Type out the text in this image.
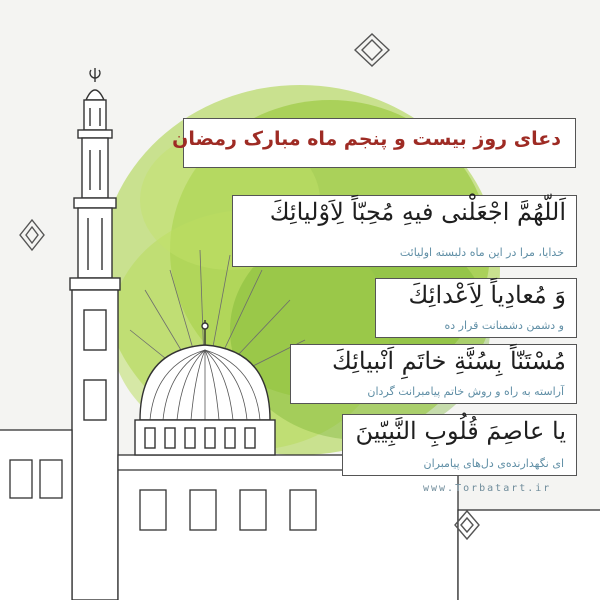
دعای روز بیست و پنجم ماه مبارک رمضان
اَللّهُمَّ اجْعَلْنی فیهِ مُحِبّاً لِاَوْلیائِكَ
خدایا، مرا در این ماه دلبسته اولیائت
وَ مُعادِیاً لِاَعْدائِكَ
و دشمن دشمنانت قرار ده
مُسْتَنّاً بِسُنَّةِ خاتَمِ اَنْبیائِكَ
آراسته به راه و روش خاتم پیامبرانت گردان
یا عاصِمَ قُلُوبِ النَّبِیّینَ
ای نگهدارنده‌ی دل‌های پیامبران
www.Torbatart.ir
